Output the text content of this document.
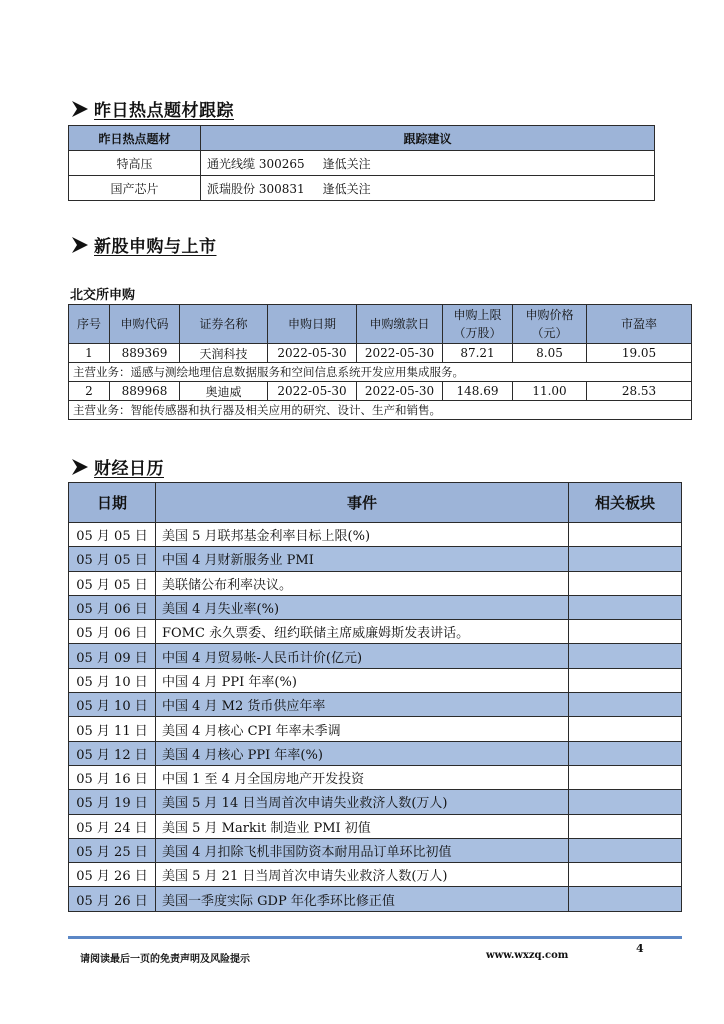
昨日热点题材跟踪
昨日热点题材	跟踪建议
特高压	通光线缆 300265 逢低关注
国产芯片	派瑞股份 300831 逢低关注
新股申购与上市
北交所申购
序号	申购代码	证券名称	申购日期	申购缴款日	申购上限（万股）	申购价格（元）	市盈率
1	889369	天润科技	2022-05-30	2022-05-30	87.21	8.05	19.05
主营业务：遥感与测绘地理信息数据服务和空间信息系统开发应用集成服务。							
2	889968	奥迪威	2022-05-30	2022-05-30	148.69	11.00	28.53
主营业务：智能传感器和执行器及相关应用的研究、设计、生产和销售。							
财经日历
日期	事件	相关板块
05 月 05 日	美国 5 月联邦基金利率目标上限(%)	
05 月 05 日	中国 4 月财新服务业 PMI	
05 月 05 日	美联储公布利率决议。	
05 月 06 日	美国 4 月失业率(%)	
05 月 06 日	FOMC 永久票委、纽约联储主席威廉姆斯发表讲话。	
05 月 09 日	中国 4 月贸易帐-人民币计价(亿元)	
05 月 10 日	中国 4 月 PPI 年率(%)	
05 月 10 日	中国 4 月 M2 货币供应年率	
05 月 11 日	美国 4 月核心 CPI 年率未季调	
05 月 12 日	美国 4 月核心 PPI 年率(%)	
05 月 16 日	中国 1 至 4 月全国房地产开发投资	
05 月 19 日	美国 5 月 14 日当周首次申请失业救济人数(万人)	
05 月 24 日	美国 5 月 Markit 制造业 PMI 初值	
05 月 25 日	美国 4 月扣除飞机非国防资本耐用品订单环比初值	
05 月 26 日	美国 5 月 21 日当周首次申请失业救济人数(万人)	
05 月 26 日	美国一季度实际 GDP 年化季环比修正值	
4
请阅读最后一页的免责声明及风险提示	www.wxzq.com
